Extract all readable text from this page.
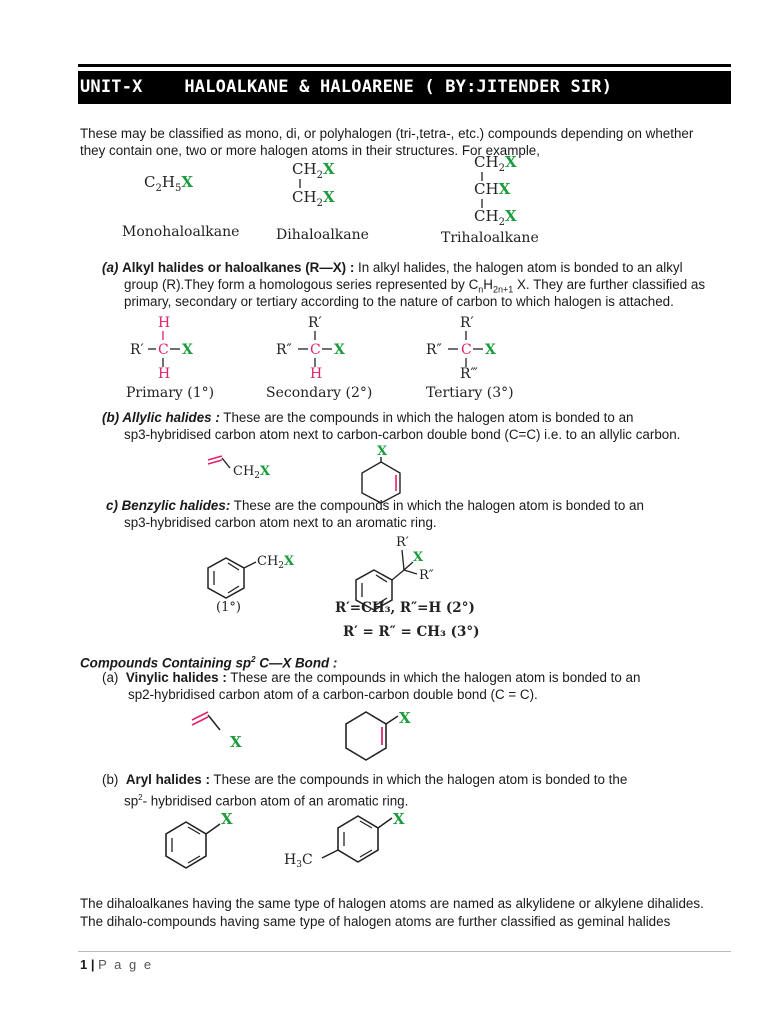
UNIT-X    HALOALKANE & HALOARENE ( BY:JITENDER SIR)
These may be classified as mono, di, or polyhalogen (tri-,tetra-, etc.) compounds depending on whether
they contain one, two or more halogen atoms in their structures. For example,
$C_2H_5X$
$CH_2X$
$CH_2X$
$CH_2X$
CHX
$CH_2X$
Monohaloalkane	Dihaloalkane	Trihaloalkane
(a) Alkyl halides or haloalkanes (R—X) : In alkyl halides, the halogen atom is bonded to an alkyl
group (R).They form a homologous series represented by $C_nH_{2n+1}$ X. They are further classified as
primary, secondary or tertiary according to the nature of carbon to which halogen is attached.
H
R′ C X
H
R′
R″ C X
H
R′
R″ C X
R‴
Primary (1°)	Secondary (2°)	Tertiary (3°)
(b) Allylic halides : These are the compounds in which the halogen atom is bonded to an
sp3-hybridised carbon atom next to carbon-carbon double bond (C=C) i.e. to an allylic carbon.
$CH_2X$
X
c) Benzylic halides: These are the compounds in which the halogen atom is bonded to an
sp3-hybridised carbon atom next to an aromatic ring.
$CH_2X$
R′
X
R″
(1°)	R′=CH₃, R″=H (2°)
R′ = R″ = CH₃ (3°)
Compounds Containing $sp^2$ C—X Bond :
(a) Vinylic halides : These are the compounds in which the halogen atom is bonded to an
sp2-hybridised carbon atom of a carbon-carbon double bond (C = C).
X
X
(b) Aryl halides : These are the compounds in which the halogen atom is bonded to the
$sp^2-$ hybridised carbon atom of an aromatic ring.
X	X
$H_3C$
The dihaloalkanes having the same type of halogen atoms are named as alkylidene or alkylene dihalides.
The dihalo-compounds having same type of halogen atoms are further classified as geminal halides
1 | P a g e
